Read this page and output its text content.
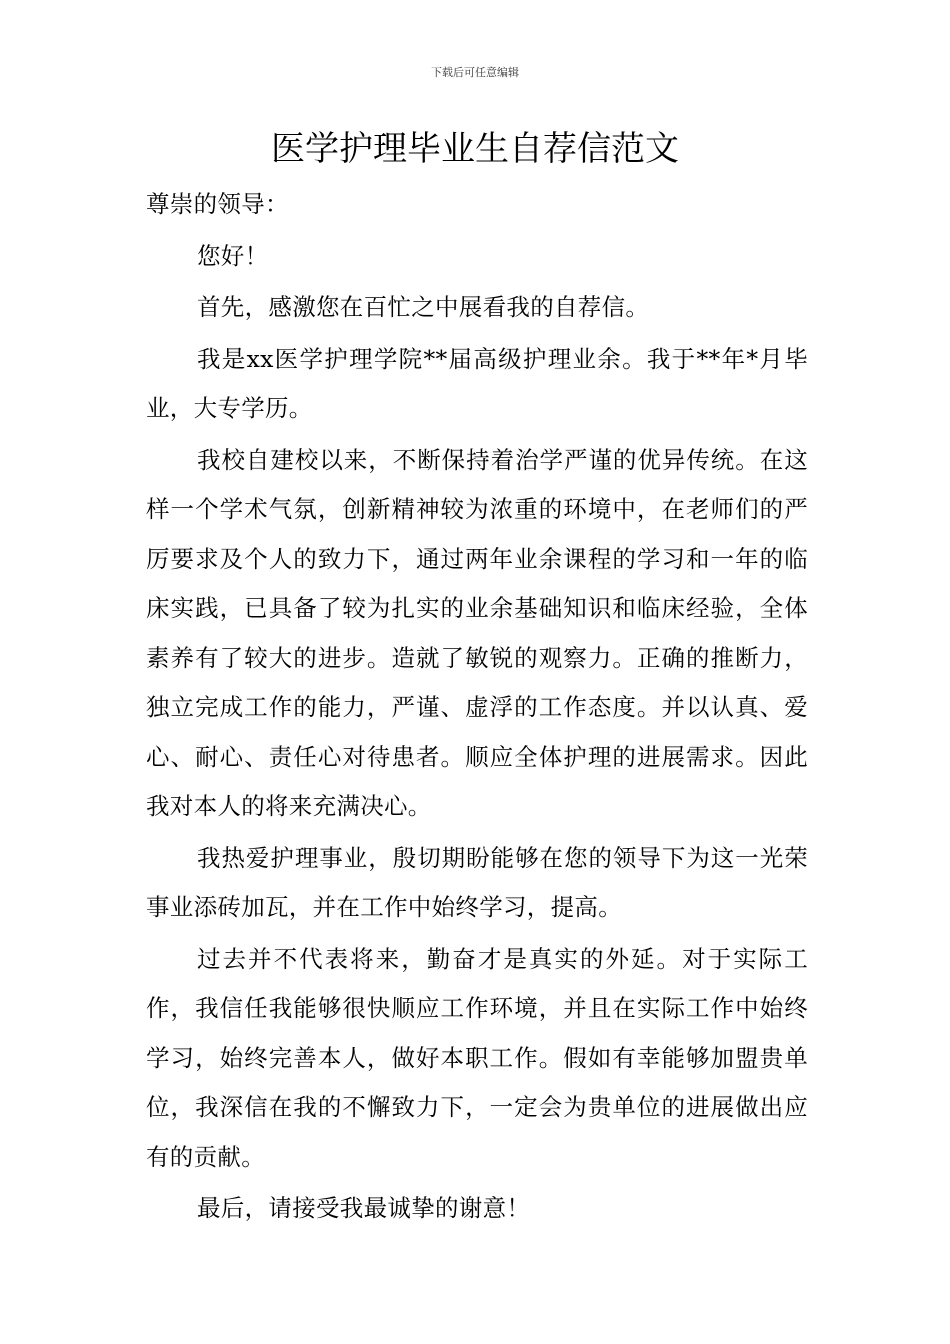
下载后可任意编辑
医学护理毕业生自荐信范文

尊崇的领导：

您好！

首先，感激您在百忙之中展看我的自荐信。

我是xx医学护理学院**届高级护理业余。我于**年*月毕业，大专学历。

我校自建校以来，不断保持着治学严谨的优异传统。在这样一个学术气氛，创新精神较为浓重的环境中，在老师们的严厉要求及个人的致力下，通过两年业余课程的学习和一年的临床实践，已具备了较为扎实的业余基础知识和临床经验，全体素养有了较大的进步。造就了敏锐的观察力。正确的推断力，独立完成工作的能力，严谨、虚浮的工作态度。并以认真、爱心、耐心、责任心对待患者。顺应全体护理的进展需求。因此我对本人的将来充满决心。

我热爱护理事业，殷切期盼能够在您的领导下为这一光荣事业添砖加瓦，并在工作中始终学习，提高。

过去并不代表将来，勤奋才是真实的外延。对于实际工作，我信任我能够很快顺应工作环境，并且在实际工作中始终学习，始终完善本人，做好本职工作。假如有幸能够加盟贵单位，我深信在我的不懈致力下，一定会为贵单位的进展做出应有的贡献。

最后，请接受我最诚挚的谢意！
